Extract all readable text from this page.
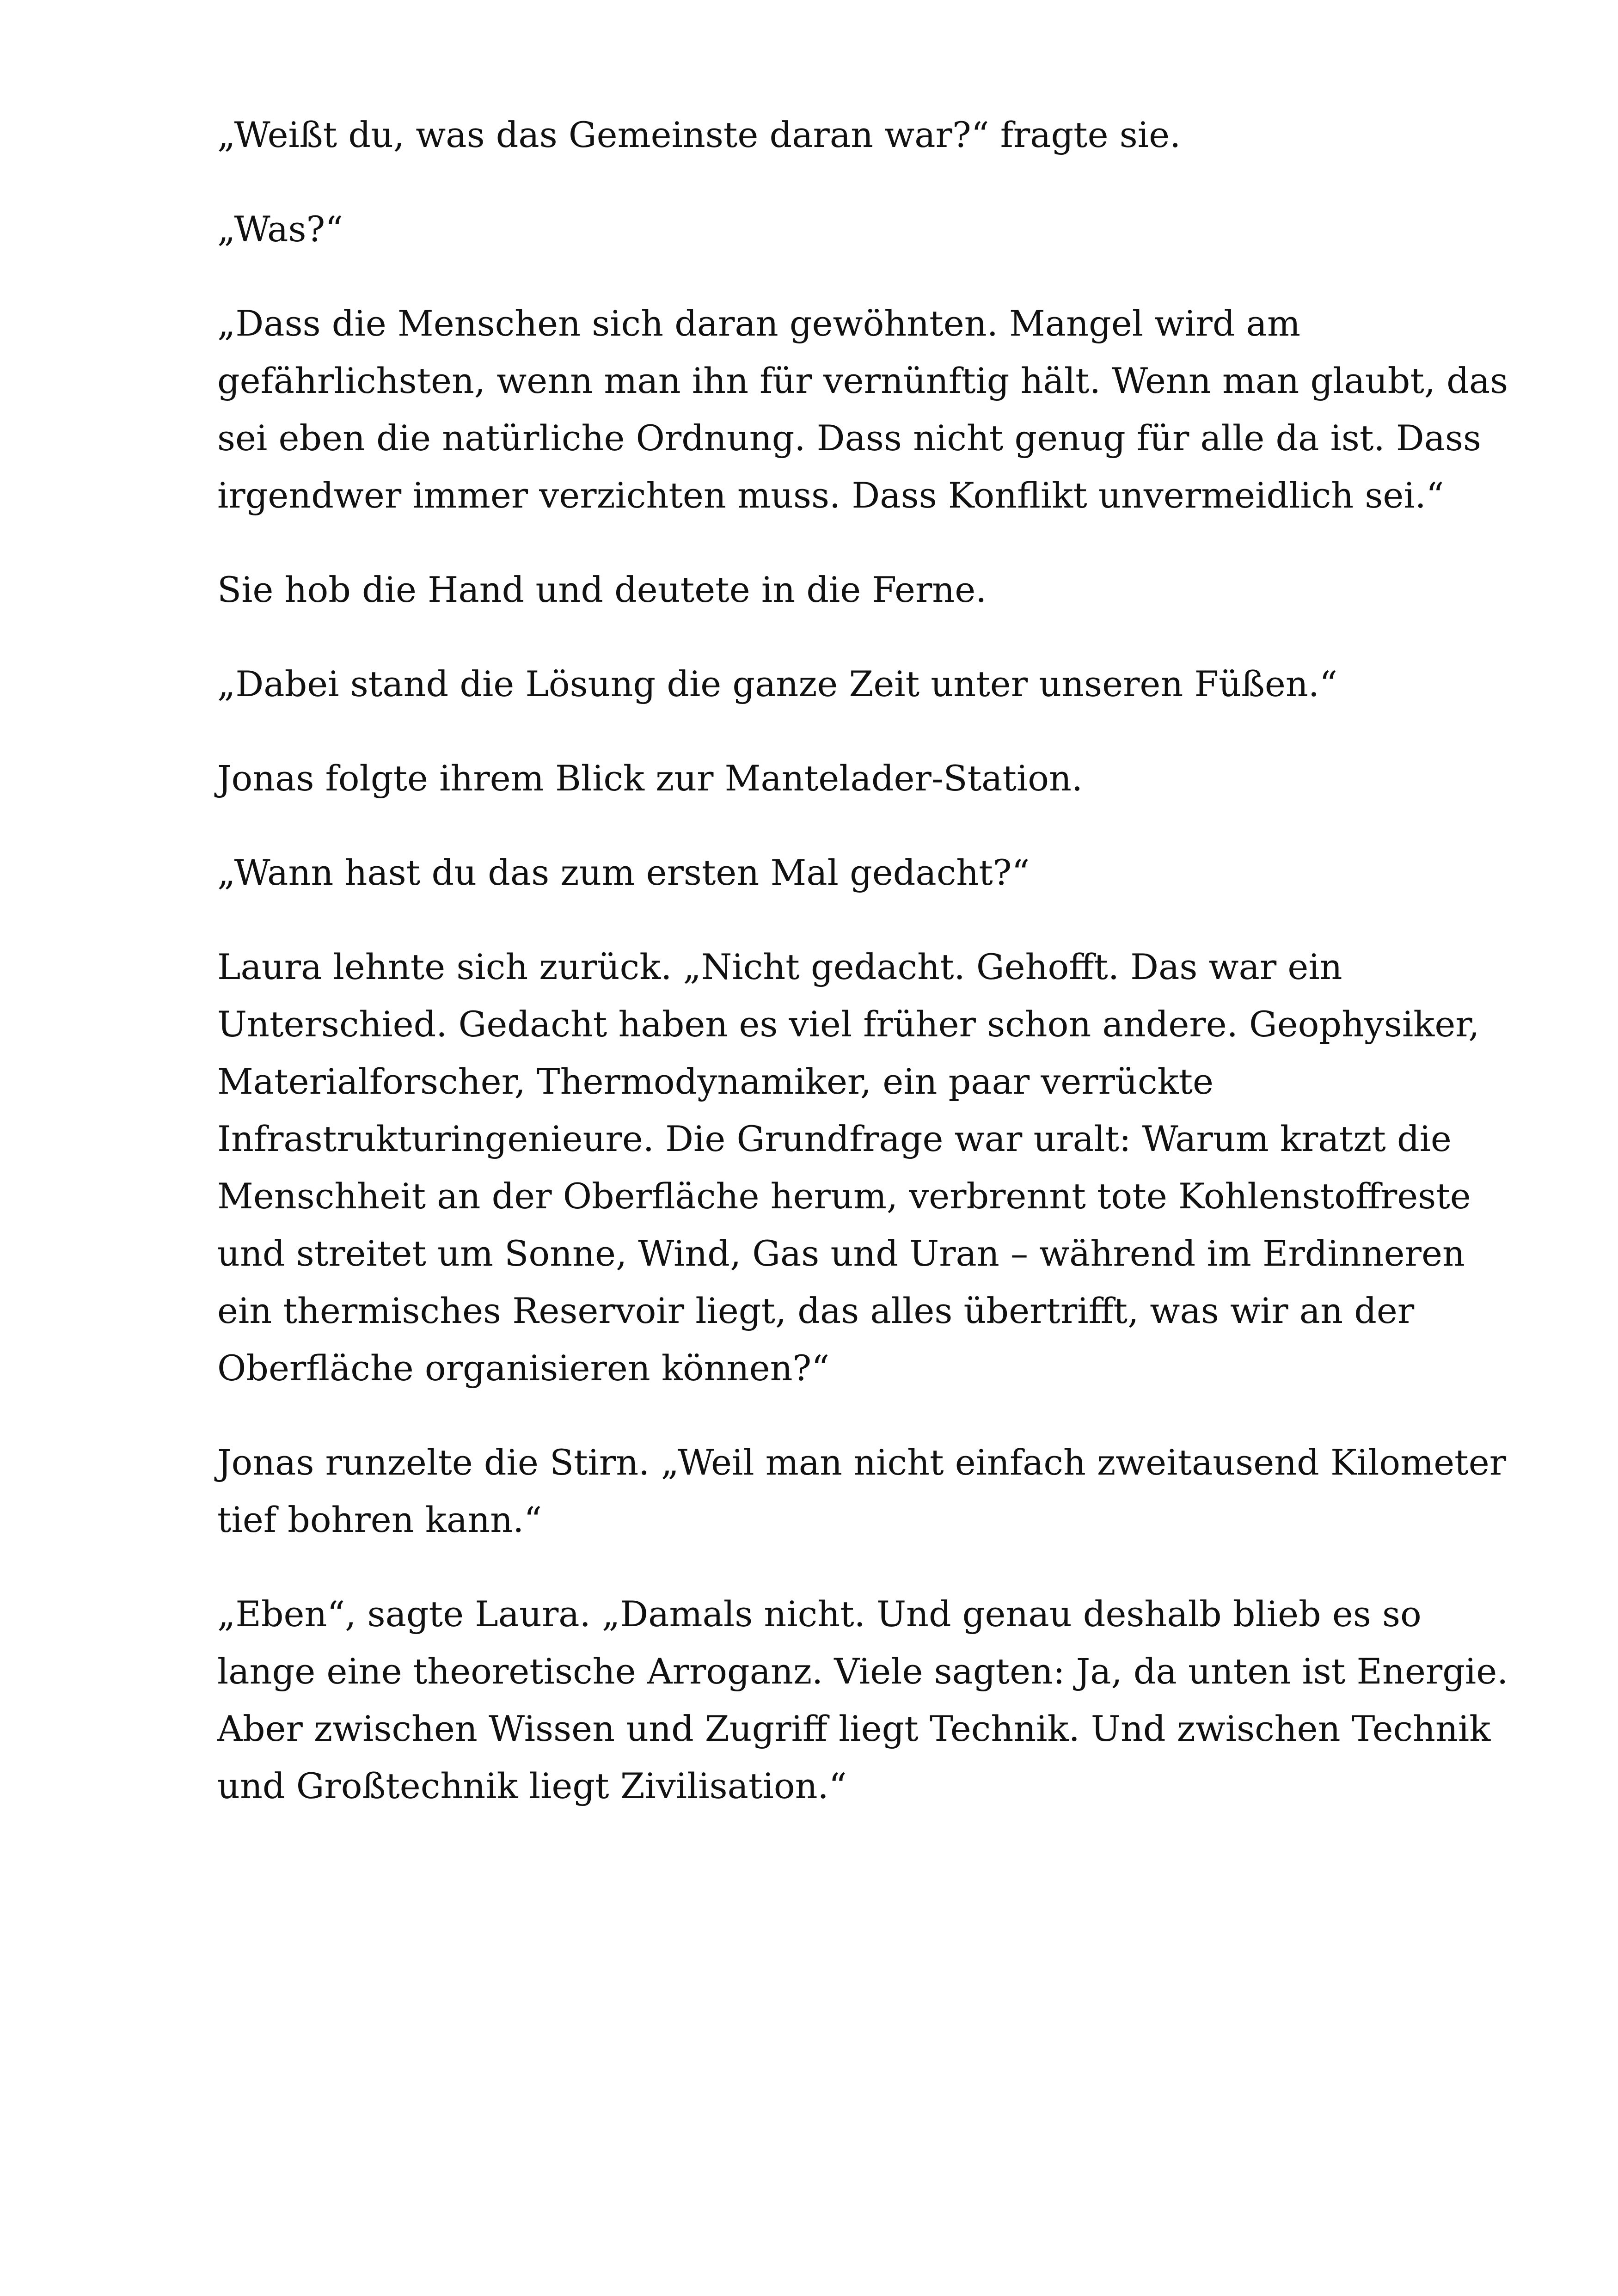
„Weißt du, was das Gemeinste daran war?“ fragte sie.

„Was?“

„Dass die Menschen sich daran gewöhnten. Mangel wird am gefährlichsten, wenn man ihn für vernünftig hält. Wenn man glaubt, das sei eben die natürliche Ordnung. Dass nicht genug für alle da ist. Dass irgendwer immer verzichten muss. Dass Konflikt unvermeidlich sei.“

Sie hob die Hand und deutete in die Ferne.

„Dabei stand die Lösung die ganze Zeit unter unseren Füßen.“

Jonas folgte ihrem Blick zur Mantelader-Station.

„Wann hast du das zum ersten Mal gedacht?“

Laura lehnte sich zurück. „Nicht gedacht. Gehofft. Das war ein Unterschied. Gedacht haben es viel früher schon andere. Geophysiker, Materialforscher, Thermodynamiker, ein paar verrückte Infrastrukturingenieure. Die Grundfrage war uralt: Warum kratzt die Menschheit an der Oberfläche herum, verbrennt tote Kohlenstoffreste und streitet um Sonne, Wind, Gas und Uran – während im Erdinneren ein thermisches Reservoir liegt, das alles übertrifft, was wir an der Oberfläche organisieren können?“

Jonas runzelte die Stirn. „Weil man nicht einfach zweitausend Kilometer tief bohren kann.“

„Eben“, sagte Laura. „Damals nicht. Und genau deshalb blieb es so lange eine theoretische Arroganz. Viele sagten: Ja, da unten ist Energie. Aber zwischen Wissen und Zugriff liegt Technik. Und zwischen Technik und Großtechnik liegt Zivilisation.“
